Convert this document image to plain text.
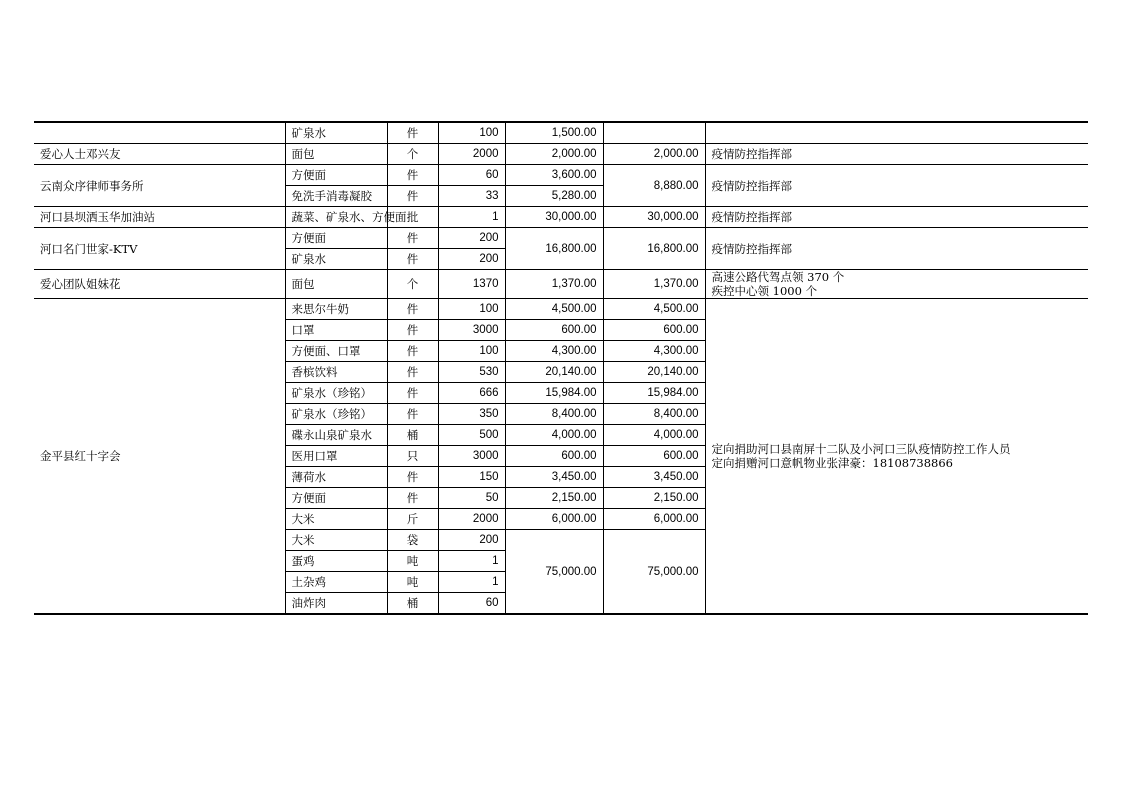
	矿泉水	件	100	1,500.00		
爱心人士邓兴友	面包	个	2000	2,000.00	2,000.00	疫情防控指挥部
云南众序律师事务所	方便面	件	60	3,600.00	8,880.00	疫情防控指挥部
	免洗手消毒凝胶	件	33	5,280.00		
河口县坝洒玉华加油站	蔬菜、矿泉水、方便面	批	1	30,000.00	30,000.00	疫情防控指挥部
河口名门世家-KTV	方便面	件	200	16,800.00	16,800.00	疫情防控指挥部
	矿泉水	件	200			
爱心团队姐妹花	面包	个	1370	1,370.00	1,370.00	高速公路代驾点领 370 个
疾控中心领 1000 个
金平县红十字会	来思尔牛奶	件	100	4,500.00	4,500.00	定向捐助河口县南屏十二队及小河口三队疫情防控工作人员
定向捐赠河口意帆物业张津豪：18108738866
	口罩	件	3000	600.00	600.00	
	方便面、口罩	件	100	4,300.00	4,300.00	
	香槟饮料	件	530	20,140.00	20,140.00	
	矿泉水（珍铭）	件	666	15,984.00	15,984.00	
	矿泉水（珍铭）	件	350	8,400.00	8,400.00	
	碟永山泉矿泉水	桶	500	4,000.00	4,000.00	
	医用口罩	只	3000	600.00	600.00	
	薄荷水	件	150	3,450.00	3,450.00	
	方便面	件	50	2,150.00	2,150.00	
	大米	斤	2000	6,000.00	6,000.00	
	大米	袋	200	75,000.00	75,000.00	
	蛋鸡	吨	1			
	土杂鸡	吨	1			
	油炸肉	桶	60			
